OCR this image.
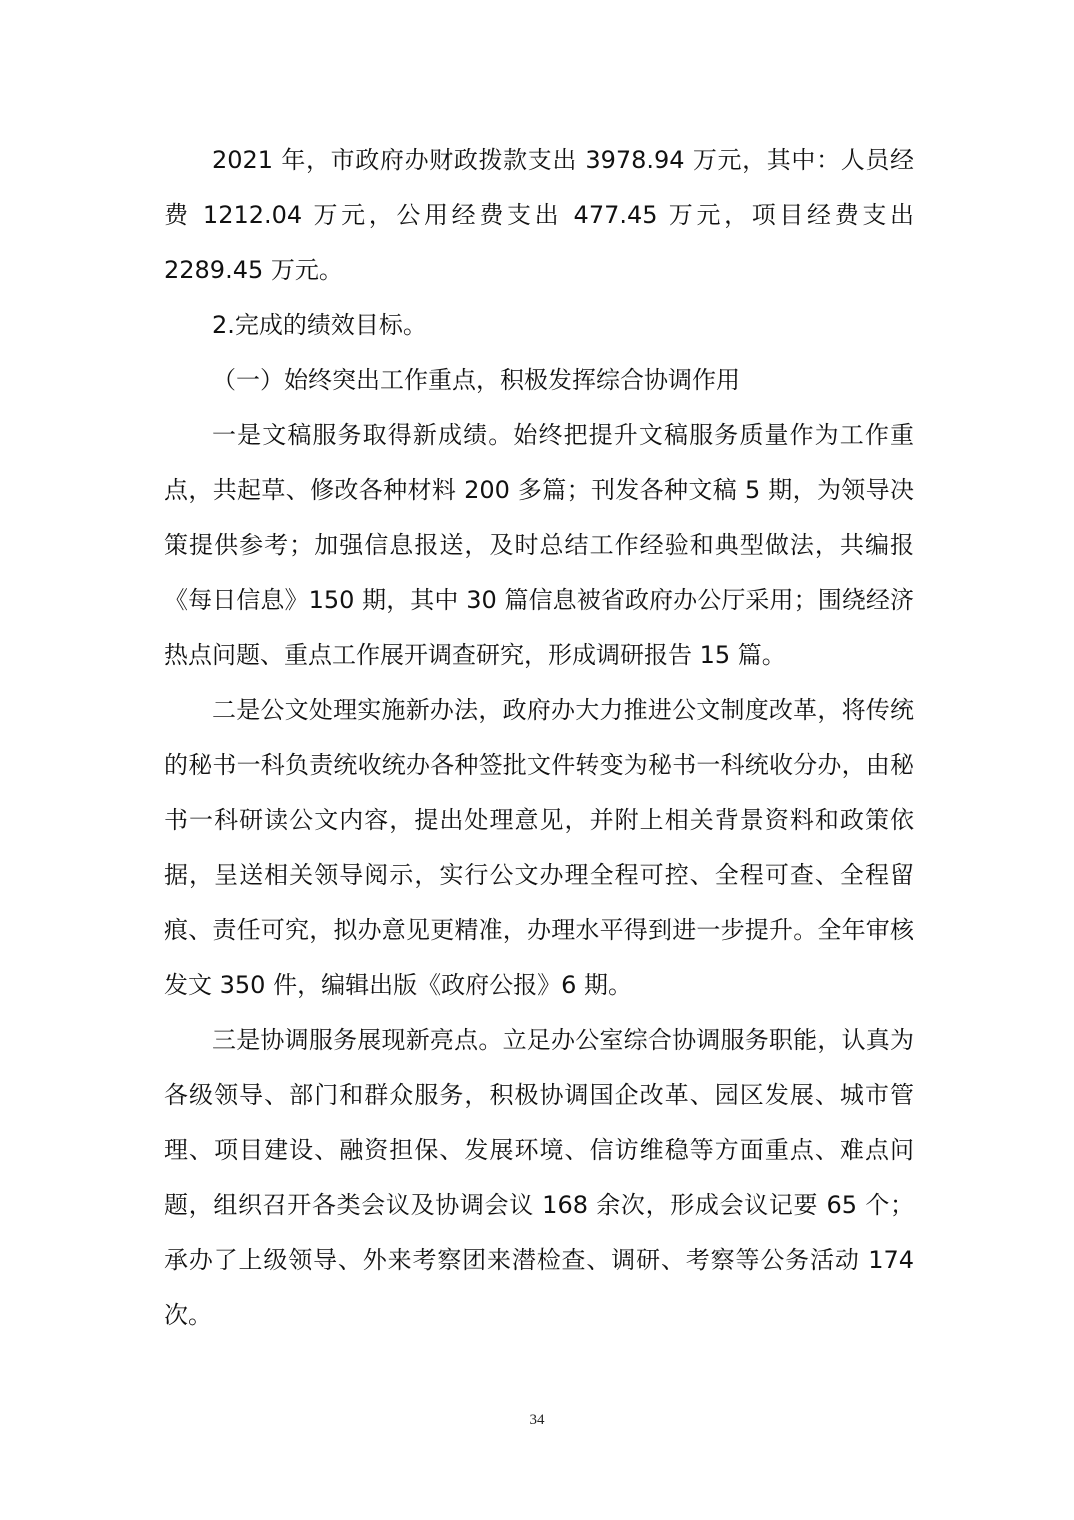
2021 年，市政府办财政拨款支出 3978.94 万元，其中：人员经费 1212.04 万元，公用经费支出 477.45 万元，项目经费支出 2289.45 万元。

2.完成的绩效目标。

（一）始终突出工作重点，积极发挥综合协调作用

一是文稿服务取得新成绩。始终把提升文稿服务质量作为工作重点，共起草、修改各种材料 200 多篇；刊发各种文稿 5 期，为领导决策提供参考；加强信息报送，及时总结工作经验和典型做法，共编报《每日信息》150 期，其中 30 篇信息被省政府办公厅采用；围绕经济热点问题、重点工作展开调查研究，形成调研报告 15 篇。

二是公文处理实施新办法，政府办大力推进公文制度改革，将传统的秘书一科负责统收统办各种签批文件转变为秘书一科统收分办，由秘书一科研读公文内容，提出处理意见，并附上相关背景资料和政策依据，呈送相关领导阅示，实行公文办理全程可控、全程可查、全程留痕、责任可究，拟办意见更精准，办理水平得到进一步提升。全年审核发文 350 件，编辑出版《政府公报》6 期。

三是协调服务展现新亮点。立足办公室综合协调服务职能，认真为各级领导、部门和群众服务，积极协调国企改革、园区发展、城市管理、项目建设、融资担保、发展环境、信访维稳等方面重点、难点问题，组织召开各类会议及协调会议 168 余次，形成会议记要 65 个；承办了上级领导、外来考察团来潜检查、调研、考察等公务活动 174 次。

34
